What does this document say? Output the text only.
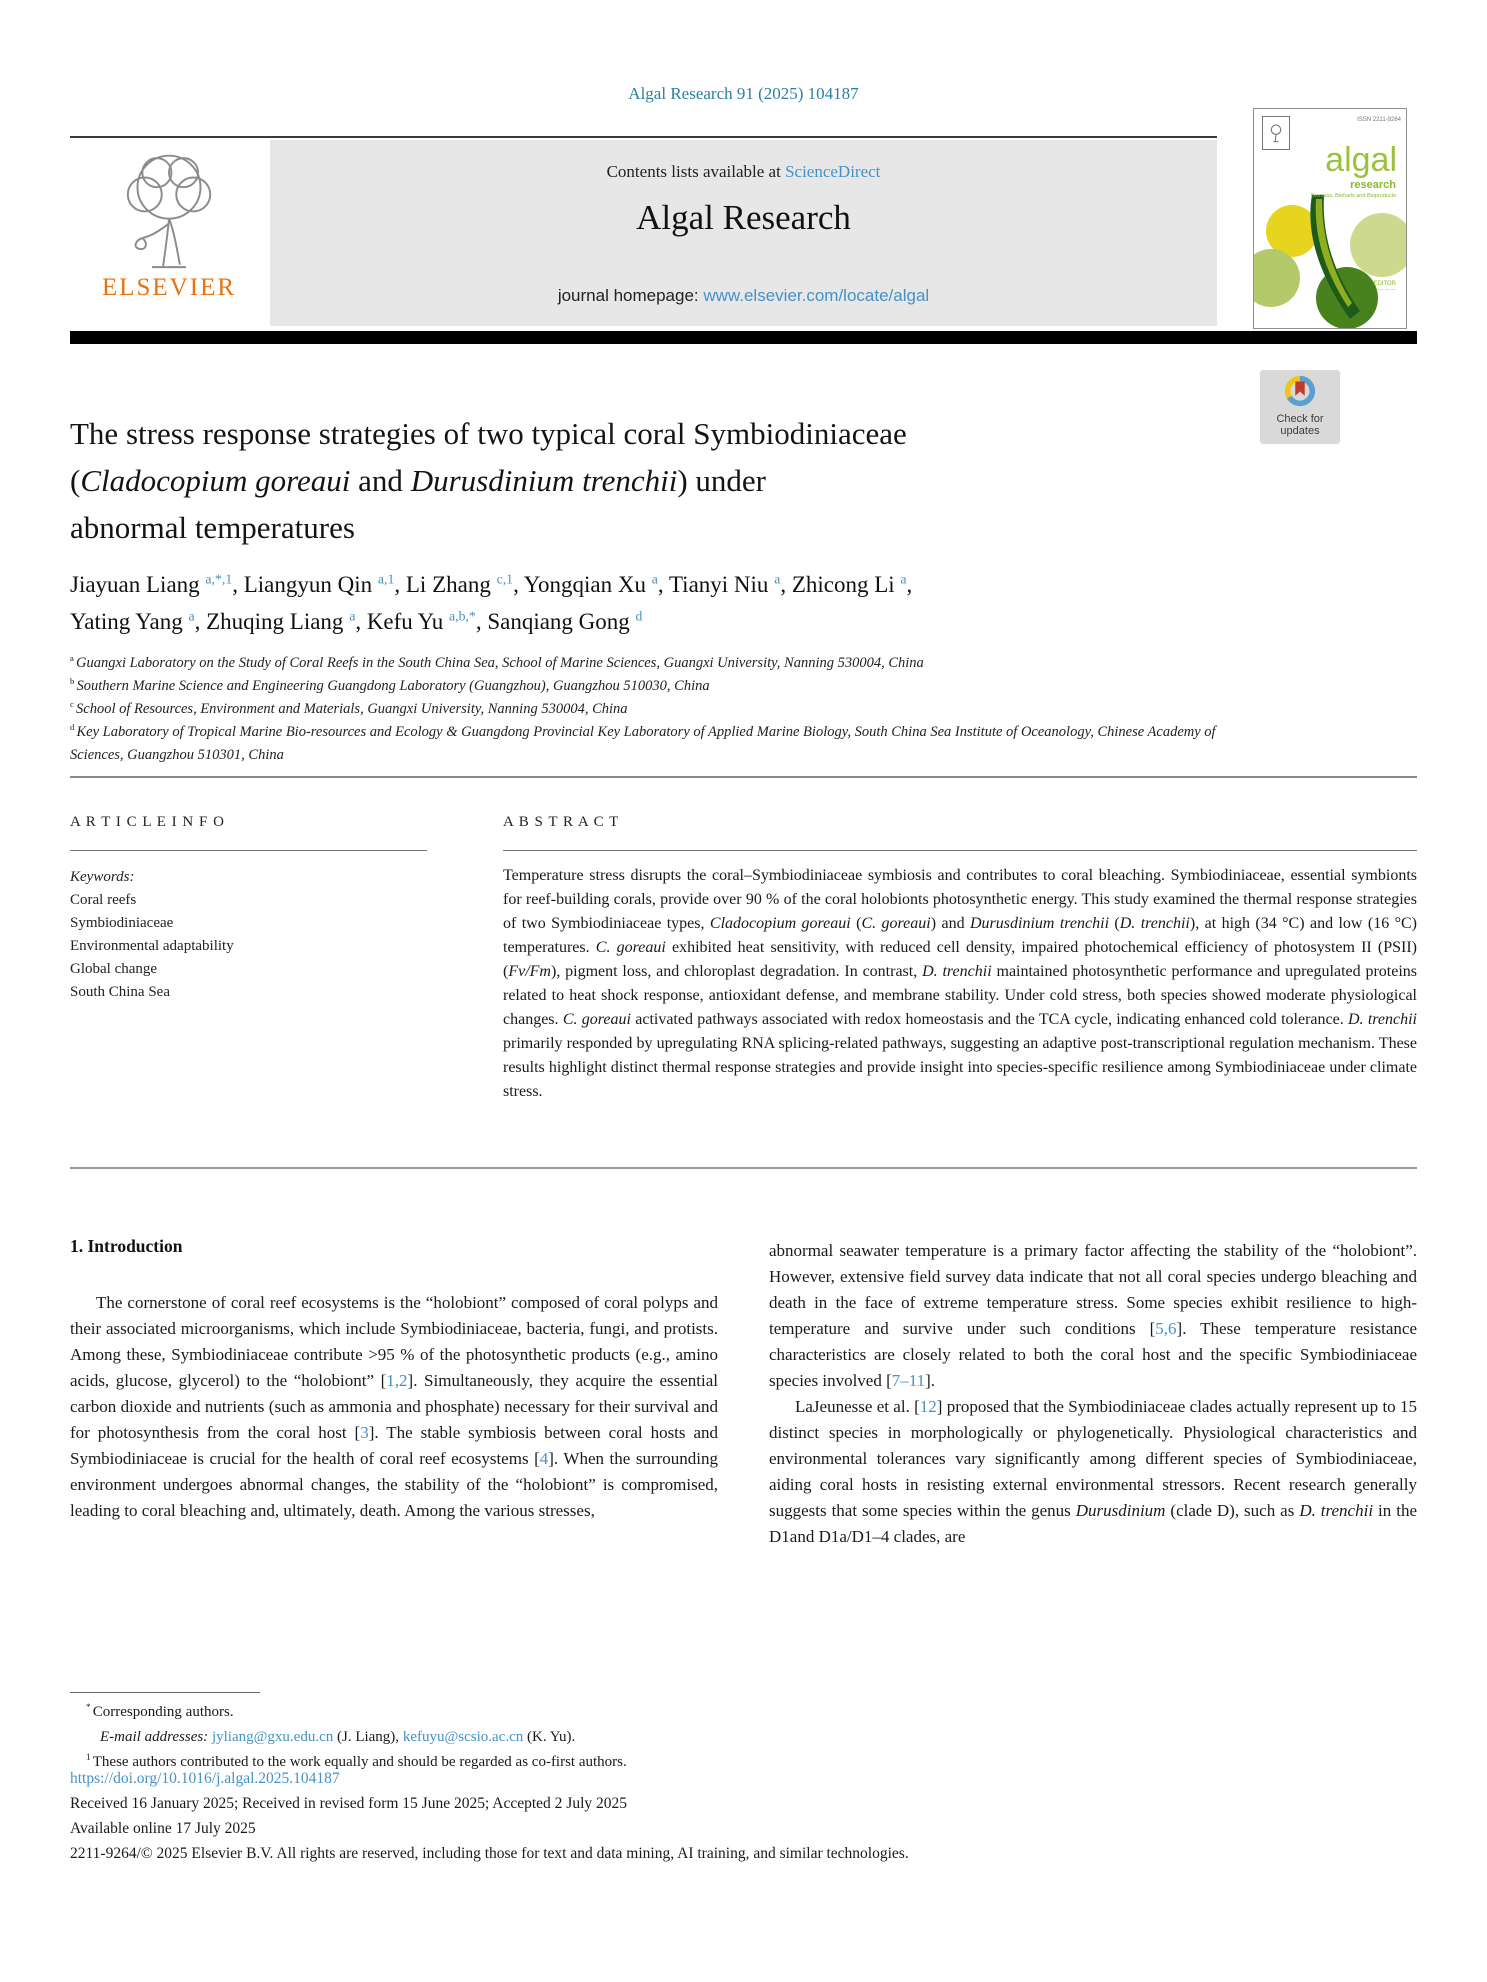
Algal Research 91 (2025) 104187
ELSEVIER
Contents lists available at ScienceDirect
Algal Research
journal homepage: www.elsevier.com/locate/algal
ISSN 2211-9264
algal
research
Biomass, Biofuels and Bioproducts
EDITOR
— — —
Check for
updates
The stress response strategies of two typical coral Symbiodiniaceae
(Cladocopium goreaui and Durusdinium trenchii) under
abnormal temperatures
Jiayuan Liang $^{a,*,1}$, Liangyun Qin $^{a,1}$, Li Zhang $^{c,1}$, Yongqian Xu $^a$, Tianyi Niu $^a$, Zhicong Li $^a$,
Yating Yang $^a$, Zhuqing Liang $^a$, Kefu Yu $^{a,b,*}$, Sanqiang Gong $^d$
$^a$ Guangxi Laboratory on the Study of Coral Reefs in the South China Sea, School of Marine Sciences, Guangxi University, Nanning 530004, China
$^b$ Southern Marine Science and Engineering Guangdong Laboratory (Guangzhou), Guangzhou 510030, China
$^c$ School of Resources, Environment and Materials, Guangxi University, Nanning 530004, China
$^d$ Key Laboratory of Tropical Marine Bio-resources and Ecology & Guangdong Provincial Key Laboratory of Applied Marine Biology, South China Sea Institute of Oceanology, Chinese Academy of Sciences, Guangzhou 510301, China
A R T I C L E I N F O
Keywords:
Coral reefs
Symbiodiniaceae
Environmental adaptability
Global change
South China Sea
A B S T R A C T
Temperature stress disrupts the coral–Symbiodiniaceae symbiosis and contributes to coral bleaching. Symbiodiniaceae, essential symbionts for reef-building corals, provide over 90 % of the coral holobionts photosynthetic energy. This study examined the thermal response strategies of two Symbiodiniaceae types, Cladocopium goreaui (C. goreaui) and Durusdinium trenchii (D. trenchii), at high (34 °C) and low (16 °C) temperatures. C. goreaui exhibited heat sensitivity, with reduced cell density, impaired photochemical efficiency of photosystem II (PSII) (Fv/Fm), pigment loss, and chloroplast degradation. In contrast, D. trenchii maintained photosynthetic performance and upregulated proteins related to heat shock response, antioxidant defense, and membrane stability. Under cold stress, both species showed moderate physiological changes. C. goreaui activated pathways associated with redox homeostasis and the TCA cycle, indicating enhanced cold tolerance. D. trenchii primarily responded by upregulating RNA splicing-related pathways, suggesting an adaptive post-transcriptional regulation mechanism. These results highlight distinct thermal response strategies and provide insight into species-specific resilience among Symbiodiniaceae under climate stress.
1. Introduction

The cornerstone of coral reef ecosystems is the “holobiont” composed of coral polyps and their associated microorganisms, which include Symbiodiniaceae, bacteria, fungi, and protists. Among these, Symbiodiniaceae contribute >95 % of the photosynthetic products (e.g., amino acids, glucose, glycerol) to the “holobiont” [1,2]. Simultaneously, they acquire the essential carbon dioxide and nutrients (such as ammonia and phosphate) necessary for their survival and for photosynthesis from the coral host [3]. The stable symbiosis between coral hosts and Symbiodiniaceae is crucial for the health of coral reef ecosystems [4]. When the surrounding environment undergoes abnormal changes, the stability of the “holobiont” is compromised, leading to coral bleaching and, ultimately, death. Among the various stresses,

abnormal seawater temperature is a primary factor affecting the stability of the “holobiont”. However, extensive field survey data indicate that not all coral species undergo bleaching and death in the face of extreme temperature stress. Some species exhibit resilience to high-temperature and survive under such conditions [5,6]. These temperature resistance characteristics are closely related to both the coral host and the specific Symbiodiniaceae species involved [7–11].

LaJeunesse et al. [12] proposed that the Symbiodiniaceae clades actually represent up to 15 distinct species in morphologically or phylogenetically. Physiological characteristics and environmental tolerances vary significantly among different species of Symbiodiniaceae, aiding coral hosts in resisting external environmental stressors. Recent research generally suggests that some species within the genus Durusdinium (clade D), such as D. trenchii in the D1and D1a/D1–4 clades, are

* Corresponding authors.
E-mail addresses: jyliang@gxu.edu.cn (J. Liang), kefuyu@scsio.ac.cn (K. Yu).
$^1$ These authors contributed to the work equally and should be regarded as co-first authors.
https://doi.org/10.1016/j.algal.2025.104187
Received 16 January 2025; Received in revised form 15 June 2025; Accepted 2 July 2025
Available online 17 July 2025
2211-9264/© 2025 Elsevier B.V. All rights are reserved, including those for text and data mining, AI training, and similar technologies.
